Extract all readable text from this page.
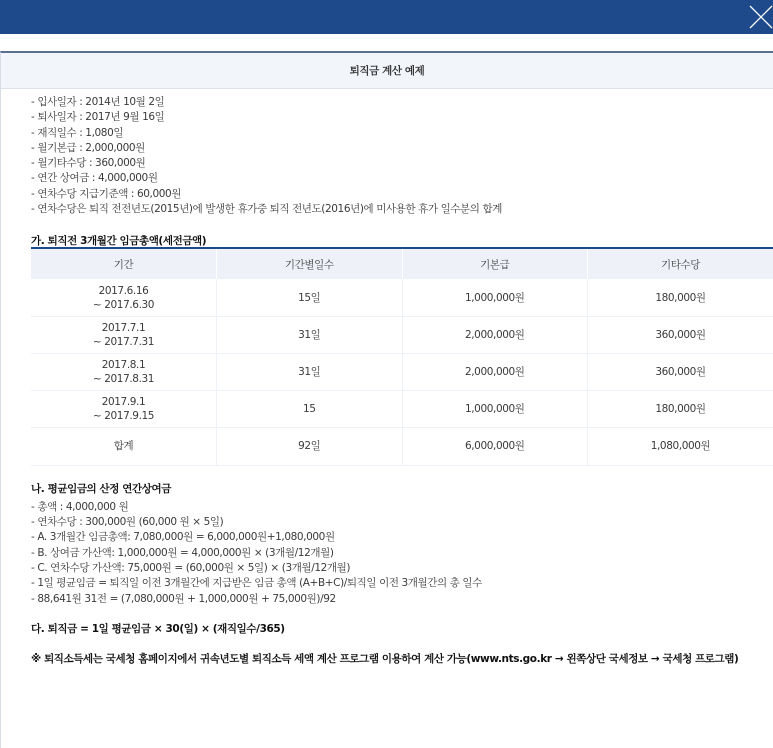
퇴직금 계산 예제
- 입사일자 : 2014년 10월 2일
- 퇴사일자 : 2017년 9월 16일
- 재직일수 : 1,080일
- 월기본급 : 2,000,000원
- 월기타수당 : 360,000원
- 연간 상여금 : 4,000,000원
- 연차수당 지급기준액 : 60,000원
- 연차수당은 퇴직 전전년도(2015년)에 발생한 휴가중 퇴직 전년도(2016년)에 미사용한 휴가 일수분의 합계
가. 퇴직전 3개월간 임금총액(세전금액)
기간	기간별일수	기본급	기타수당

2017.6.16
~ 2017.6.30	15일	1,000,000원	180,000원

2017.7.1
~ 2017.7.31	31일	2,000,000원	360,000원

2017.8.1
~ 2017.8.31	31일	2,000,000원	360,000원

2017.9.1
~ 2017.9.15	15	1,000,000원	180,000원
합계	92일	6,000,000원	1,080,000원
나. 평균임금의 산정 연간상여금
- 총액 : 4,000,000 원
- 연차수당 : 300,000원 (60,000 원 × 5일)
- A. 3개월간 임금총액: 7,080,000원 = 6,000,000원+1,080,000원
- B. 상여금 가산액: 1,000,000원 = 4,000,000원 × (3개월/12개월)
- C. 연차수당 가산액: 75,000원 = (60,000원 × 5일) × (3개월/12개월)
- 1일 평균임금 = 퇴직일 이전 3개월간에 지급받은 임금 총액 (A+B+C)/퇴직일 이전 3개월간의 총 일수
- 88,641원 31전 = (7,080,000원 + 1,000,000원 + 75,000원)/92
다. 퇴직금 = 1일 평균임금 × 30(일) × (재직일수/365)
※ 퇴직소득세는 국세청 홈페이지에서 귀속년도별 퇴직소득 세액 계산 프로그램 이용하여 계산 가능(www.nts.go.kr → 왼쪽상단 국세정보 → 국세청 프로그램)
